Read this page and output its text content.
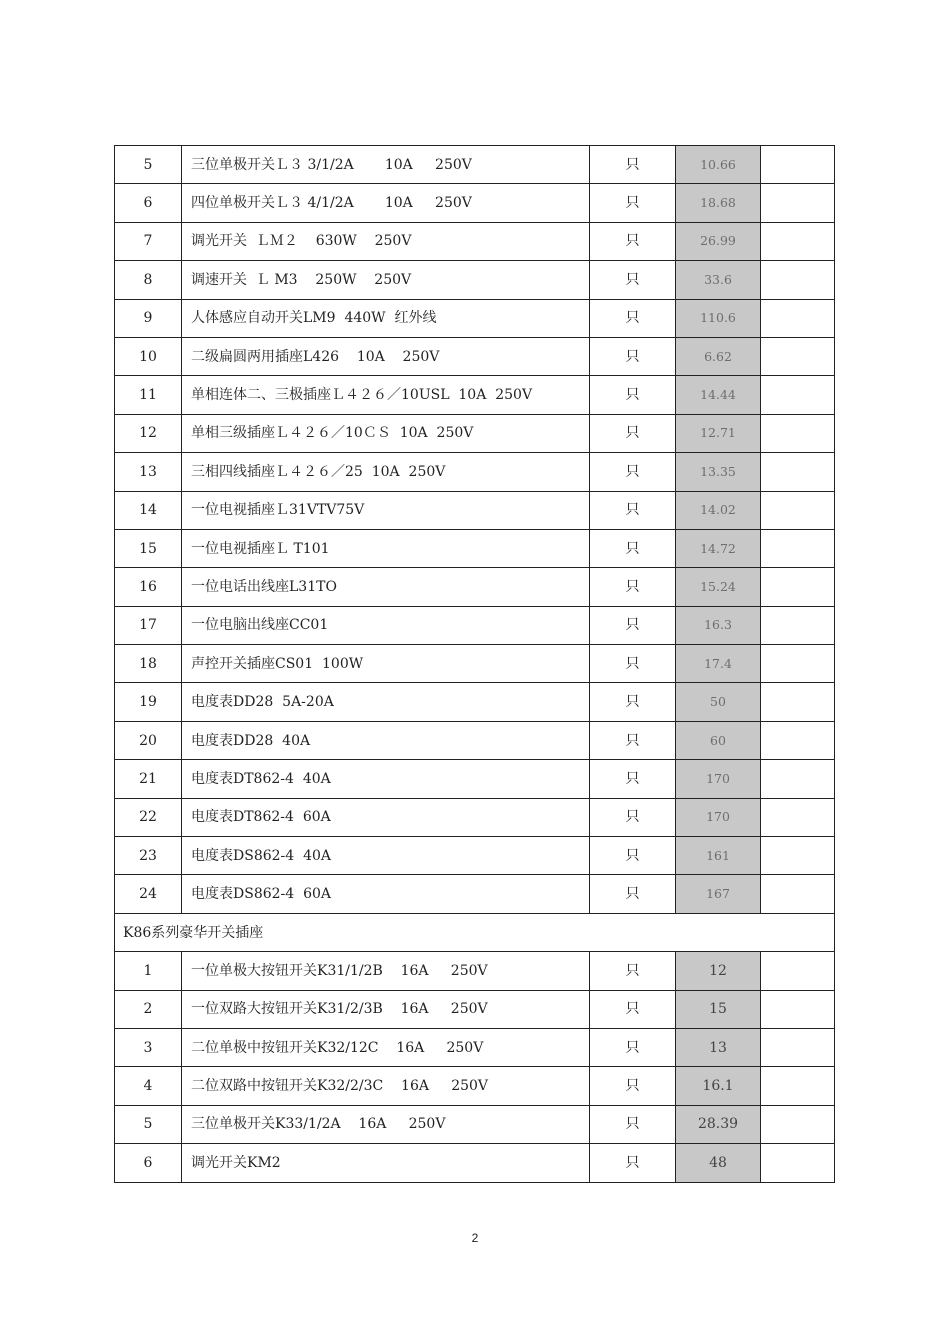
5	三位单极开关Ｌ３ 3/1/2A       10A     250V	只	10.66	
6	四位单极开关Ｌ３ 4/1/2A       10A     250V	只	18.68	
7	调光开关  ＬＭ２    630W    250V	只	26.99	
8	调速开关  Ｌ M3    250W    250V	只	33.6	
9	人体感应自动开关LM9  440W  红外线	只	110.6	
10	二级扁圆两用插座L426    10A    250V	只	6.62	
11	单相连体二、三极插座Ｌ４２６／10USL  10A  250V	只	14.44	
12	单相三级插座Ｌ４２６／10ＣＳ  10A  250V	只	12.71	
13	三相四线插座Ｌ４２６／25  10A  250V	只	13.35	
14	一位电视插座Ｌ31VTV75V	只	14.02	
15	一位电视插座Ｌ T101	只	14.72	
16	一位电话出线座L31TO	只	15.24	
17	一位电脑出线座CC01	只	16.3	
18	声控开关插座CS01  100W	只	17.4	
19	电度表DD28  5A-20A	只	50	
20	电度表DD28  40A	只	60	
21	电度表DT862-4  40A	只	170	
22	电度表DT862-4  60A	只	170	
23	电度表DS862-4  40A	只	161	
24	电度表DS862-4  60A	只	167	
K86系列豪华开关插座				
1	一位单极大按钮开关K31/1/2B    16A     250V	只	12	
2	一位双路大按钮开关K31/2/3B    16A     250V	只	15	
3	二位单极中按钮开关K32/12C    16A     250V	只	13	
4	二位双路中按钮开关K32/2/3C    16A     250V	只	16.1	
5	三位单极开关K33/1/2A    16A     250V	只	28.39	
6	调光开关KM2	只	48	
2
